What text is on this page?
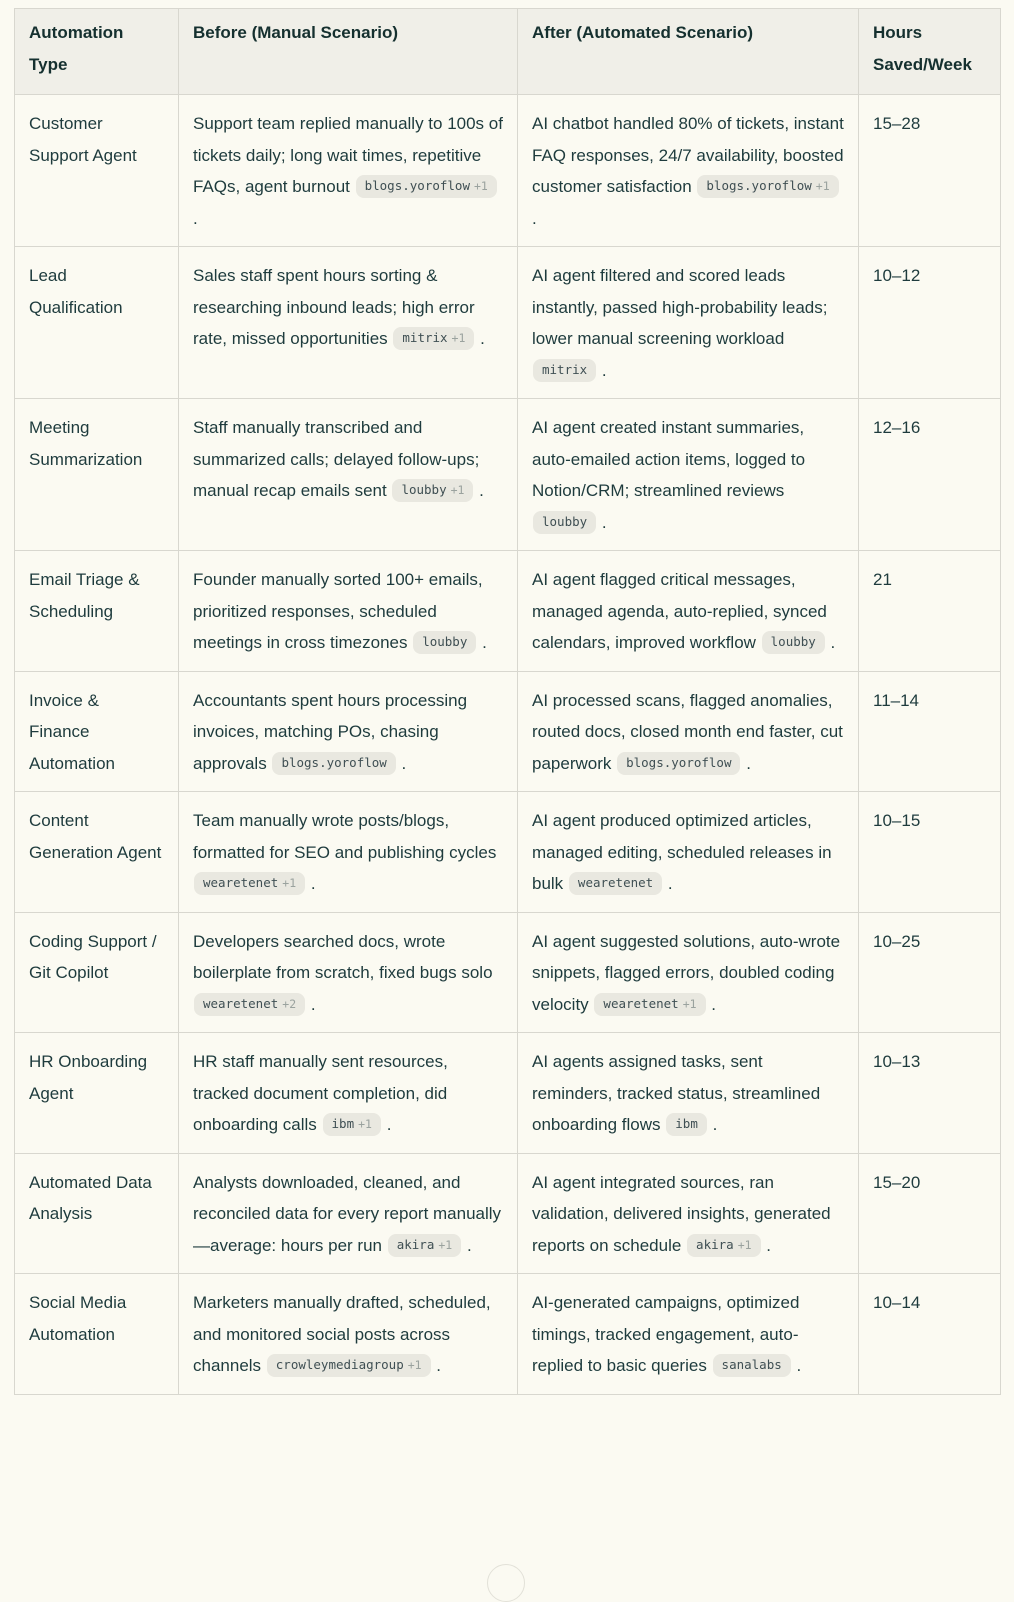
Automation Type	Before (Manual Scenario)	After (Automated Scenario)	Hours Saved/Week
Customer Support Agent	Support team replied manually to 100s of tickets daily; long wait times, repetitive FAQs, agent burnout blogs.yoroflow +1 .	AI chatbot handled 80% of tickets, instant FAQ responses, 24/7 availability, boosted customer satisfaction blogs.yoroflow +1 .	15–28
Lead Qualification	Sales staff spent hours sorting & researching inbound leads; high error rate, missed opportunities mitrix +1 .	AI agent filtered and scored leads instantly, passed high-probability leads; lower manual screening workload mitrix .	10–12
Meeting Summarization	Staff manually transcribed and summarized calls; delayed follow-ups; manual recap emails sent loubby +1 .	AI agent created instant summaries, auto-emailed action items, logged to Notion/CRM; streamlined reviews loubby .	12–16
Email Triage & Scheduling	Founder manually sorted 100+ emails, prioritized responses, scheduled meetings in cross timezones loubby .	AI agent flagged critical messages, managed agenda, auto-replied, synced calendars, improved workflow loubby .	21
Invoice & Finance Automation	Accountants spent hours processing invoices, matching POs, chasing approvals blogs.yoroflow .	AI processed scans, flagged anomalies, routed docs, closed month end faster, cut paperwork blogs.yoroflow .	11–14
Content Generation Agent	Team manually wrote posts/blogs, formatted for SEO and publishing cycles wearetenet +1 .	AI agent produced optimized articles, managed editing, scheduled releases in bulk wearetenet .	10–15
Coding Support / Git Copilot	Developers searched docs, wrote boilerplate from scratch, fixed bugs solo wearetenet +2 .	AI agent suggested solutions, auto-wrote snippets, flagged errors, doubled coding velocity wearetenet +1 .	10–25
HR Onboarding Agent	HR staff manually sent resources, tracked document completion, did onboarding calls ibm +1 .	AI agents assigned tasks, sent reminders, tracked status, streamlined onboarding flows ibm .	10–13
Automated Data Analysis	Analysts downloaded, cleaned, and reconciled data for every report manually—average: hours per run akira +1 .	AI agent integrated sources, ran validation, delivered insights, generated reports on schedule akira +1 .	15–20
Social Media Automation	Marketers manually drafted, scheduled, and monitored social posts across channels crowleymediagroup +1 .	AI-generated campaigns, optimized timings, tracked engagement, auto-replied to basic queries sanalabs .	10–14
